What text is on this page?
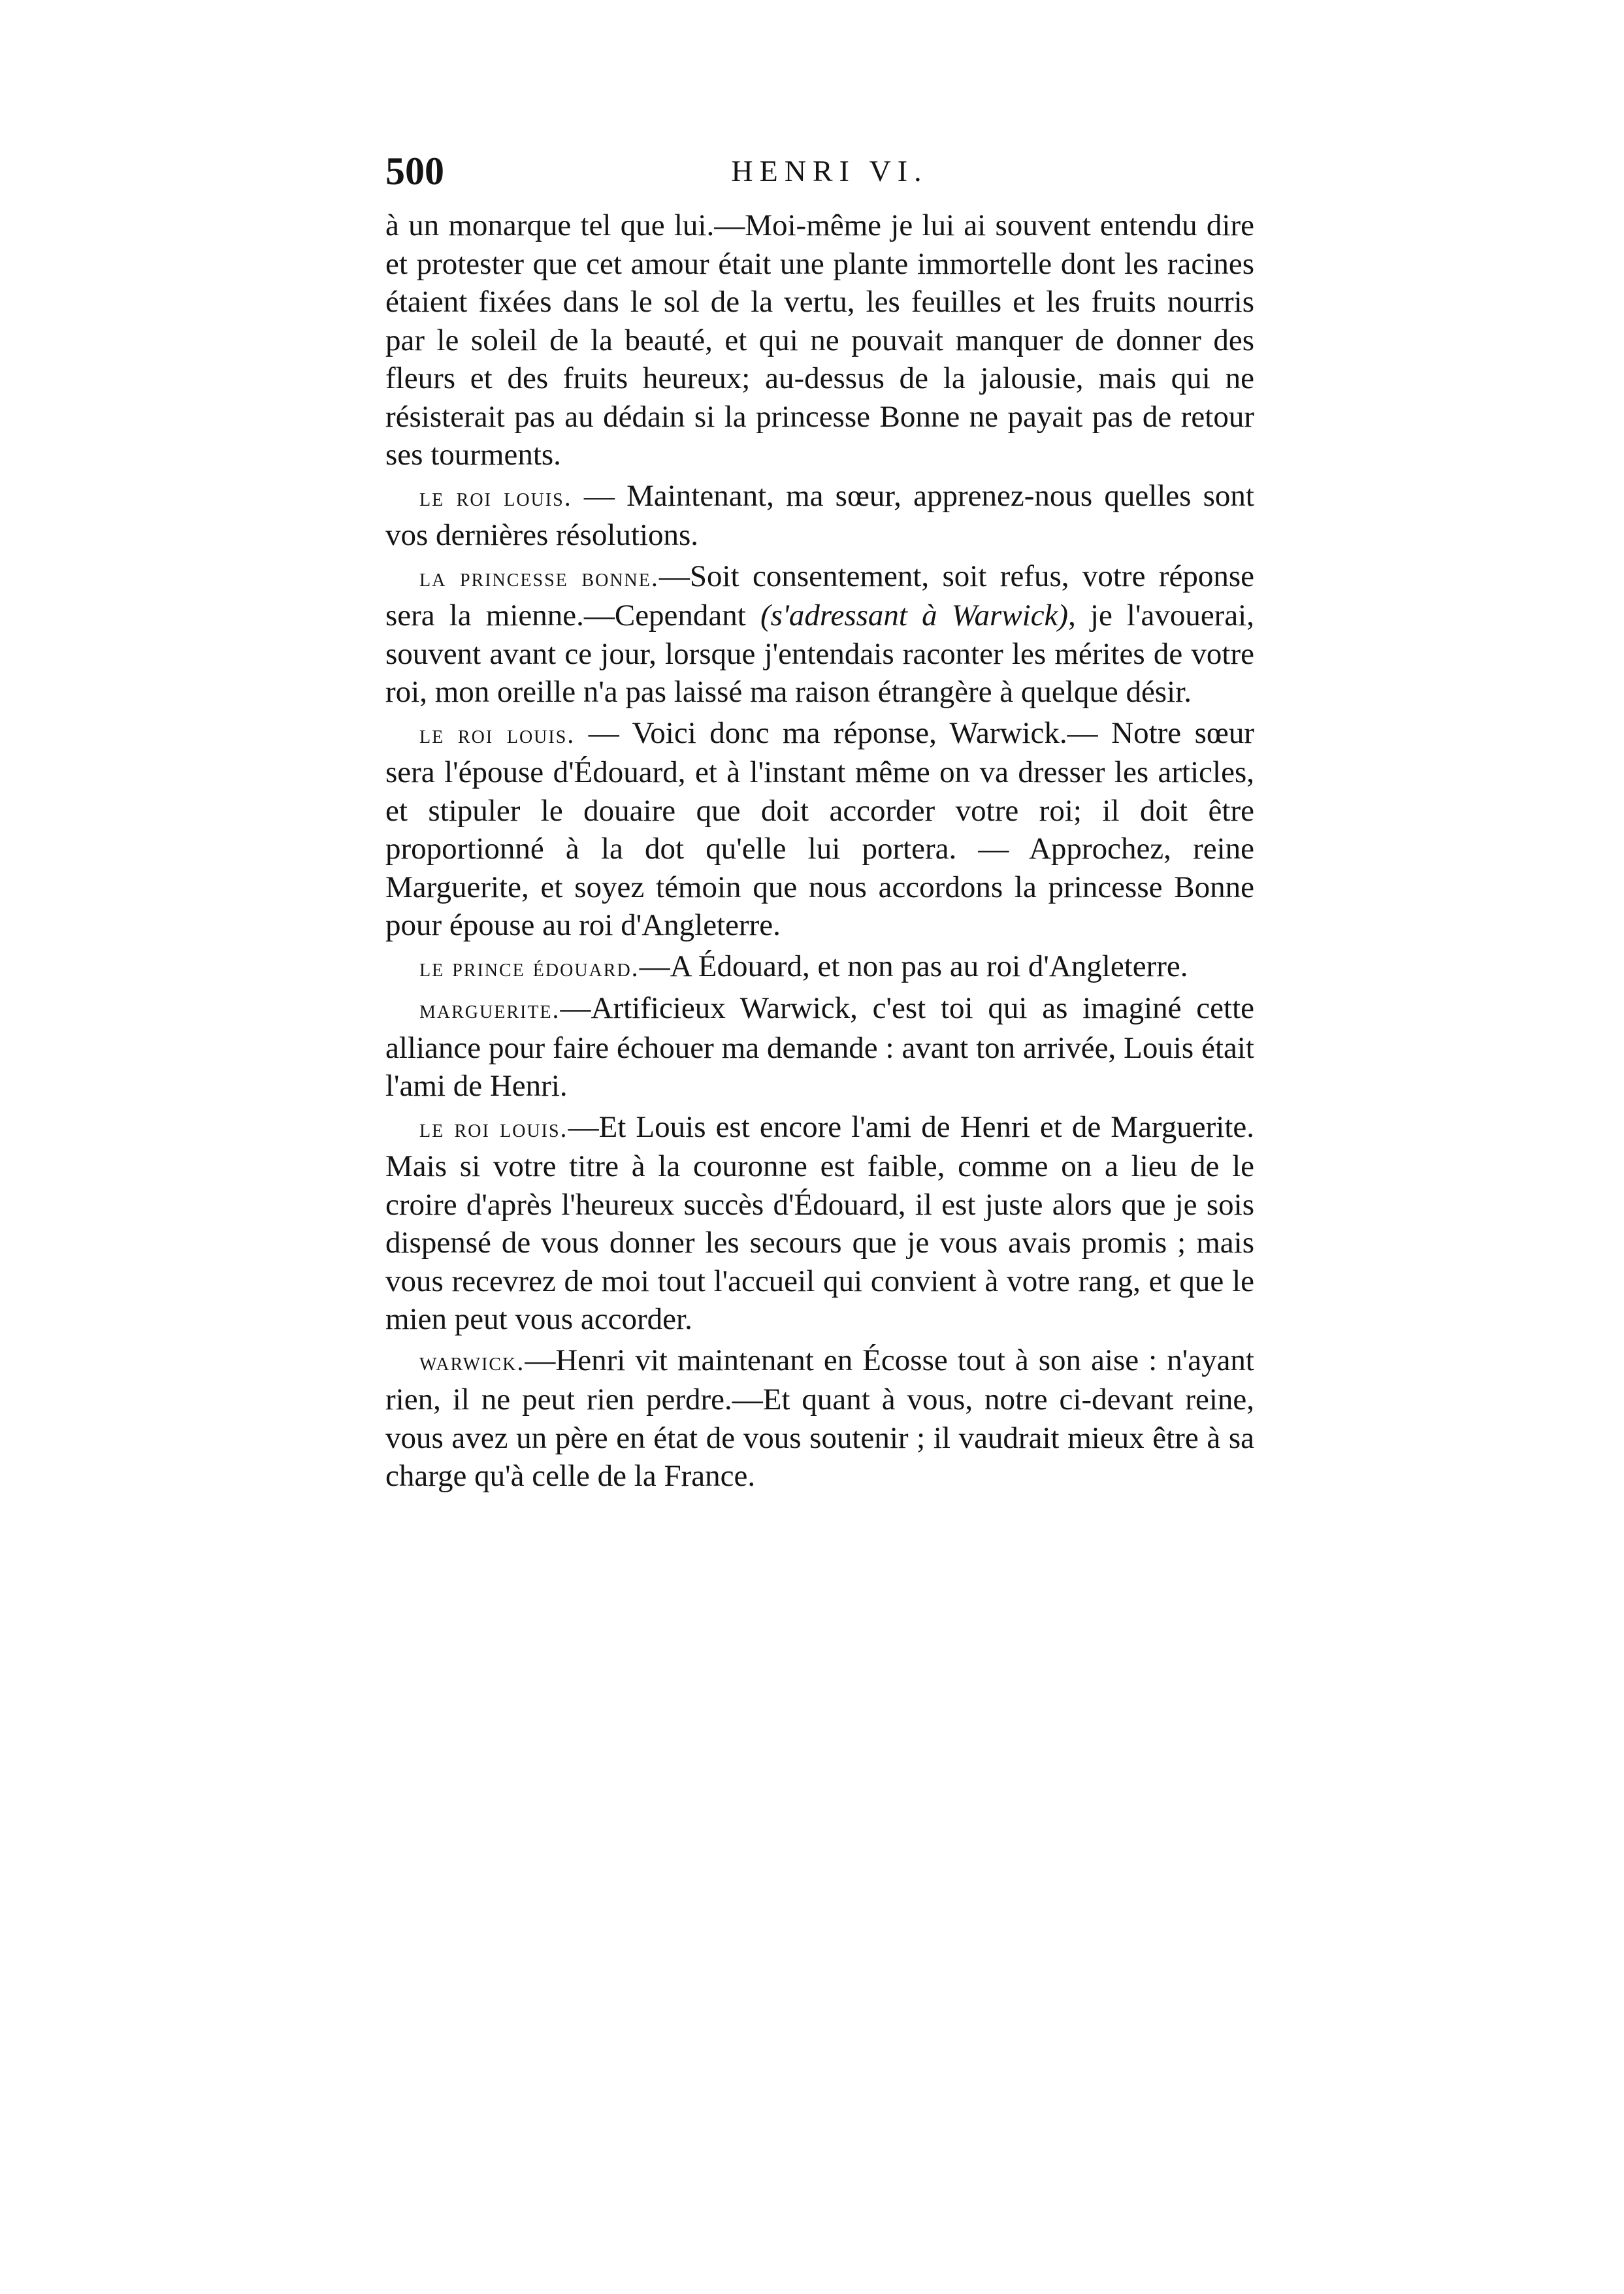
500	HENRI VI.

à un monarque tel que lui.—Moi-même je lui ai souvent entendu dire et protester que cet amour était une plante immortelle dont les racines étaient fixées dans le sol de la vertu, les feuilles et les fruits nourris par le soleil de la beauté, et qui ne pouvait manquer de donner des fleurs et des fruits heureux; au-dessus de la jalousie, mais qui ne résisterait pas au dédain si la princesse Bonne ne payait pas de retour ses tourments.

le roi louis. — Maintenant, ma sœur, apprenez-nous quelles sont vos dernières résolutions.

la princesse bonne.—Soit consentement, soit refus, votre réponse sera la mienne.—Cependant (s'adressant à Warwick), je l'avouerai, souvent avant ce jour, lorsque j'entendais raconter les mérites de votre roi, mon oreille n'a pas laissé ma raison étrangère à quelque désir.

le roi louis. — Voici donc ma réponse, Warwick.— Notre sœur sera l'épouse d'Édouard, et à l'instant même on va dresser les articles, et stipuler le douaire que doit accorder votre roi; il doit être proportionné à la dot qu'elle lui portera. — Approchez, reine Marguerite, et soyez témoin que nous accordons la princesse Bonne pour épouse au roi d'Angleterre.

le prince édouard.—A Édouard, et non pas au roi d'Angleterre.

marguerite.—Artificieux Warwick, c'est toi qui as imaginé cette alliance pour faire échouer ma demande : avant ton arrivée, Louis était l'ami de Henri.

le roi louis.—Et Louis est encore l'ami de Henri et de Marguerite. Mais si votre titre à la couronne est faible, comme on a lieu de le croire d'après l'heureux succès d'Édouard, il est juste alors que je sois dispensé de vous donner les secours que je vous avais promis ; mais vous recevrez de moi tout l'accueil qui convient à votre rang, et que le mien peut vous accorder.

warwick.—Henri vit maintenant en Écosse tout à son aise : n'ayant rien, il ne peut rien perdre.—Et quant à vous, notre ci-devant reine, vous avez un père en état de vous soutenir ; il vaudrait mieux être à sa charge qu'à celle de la France.
